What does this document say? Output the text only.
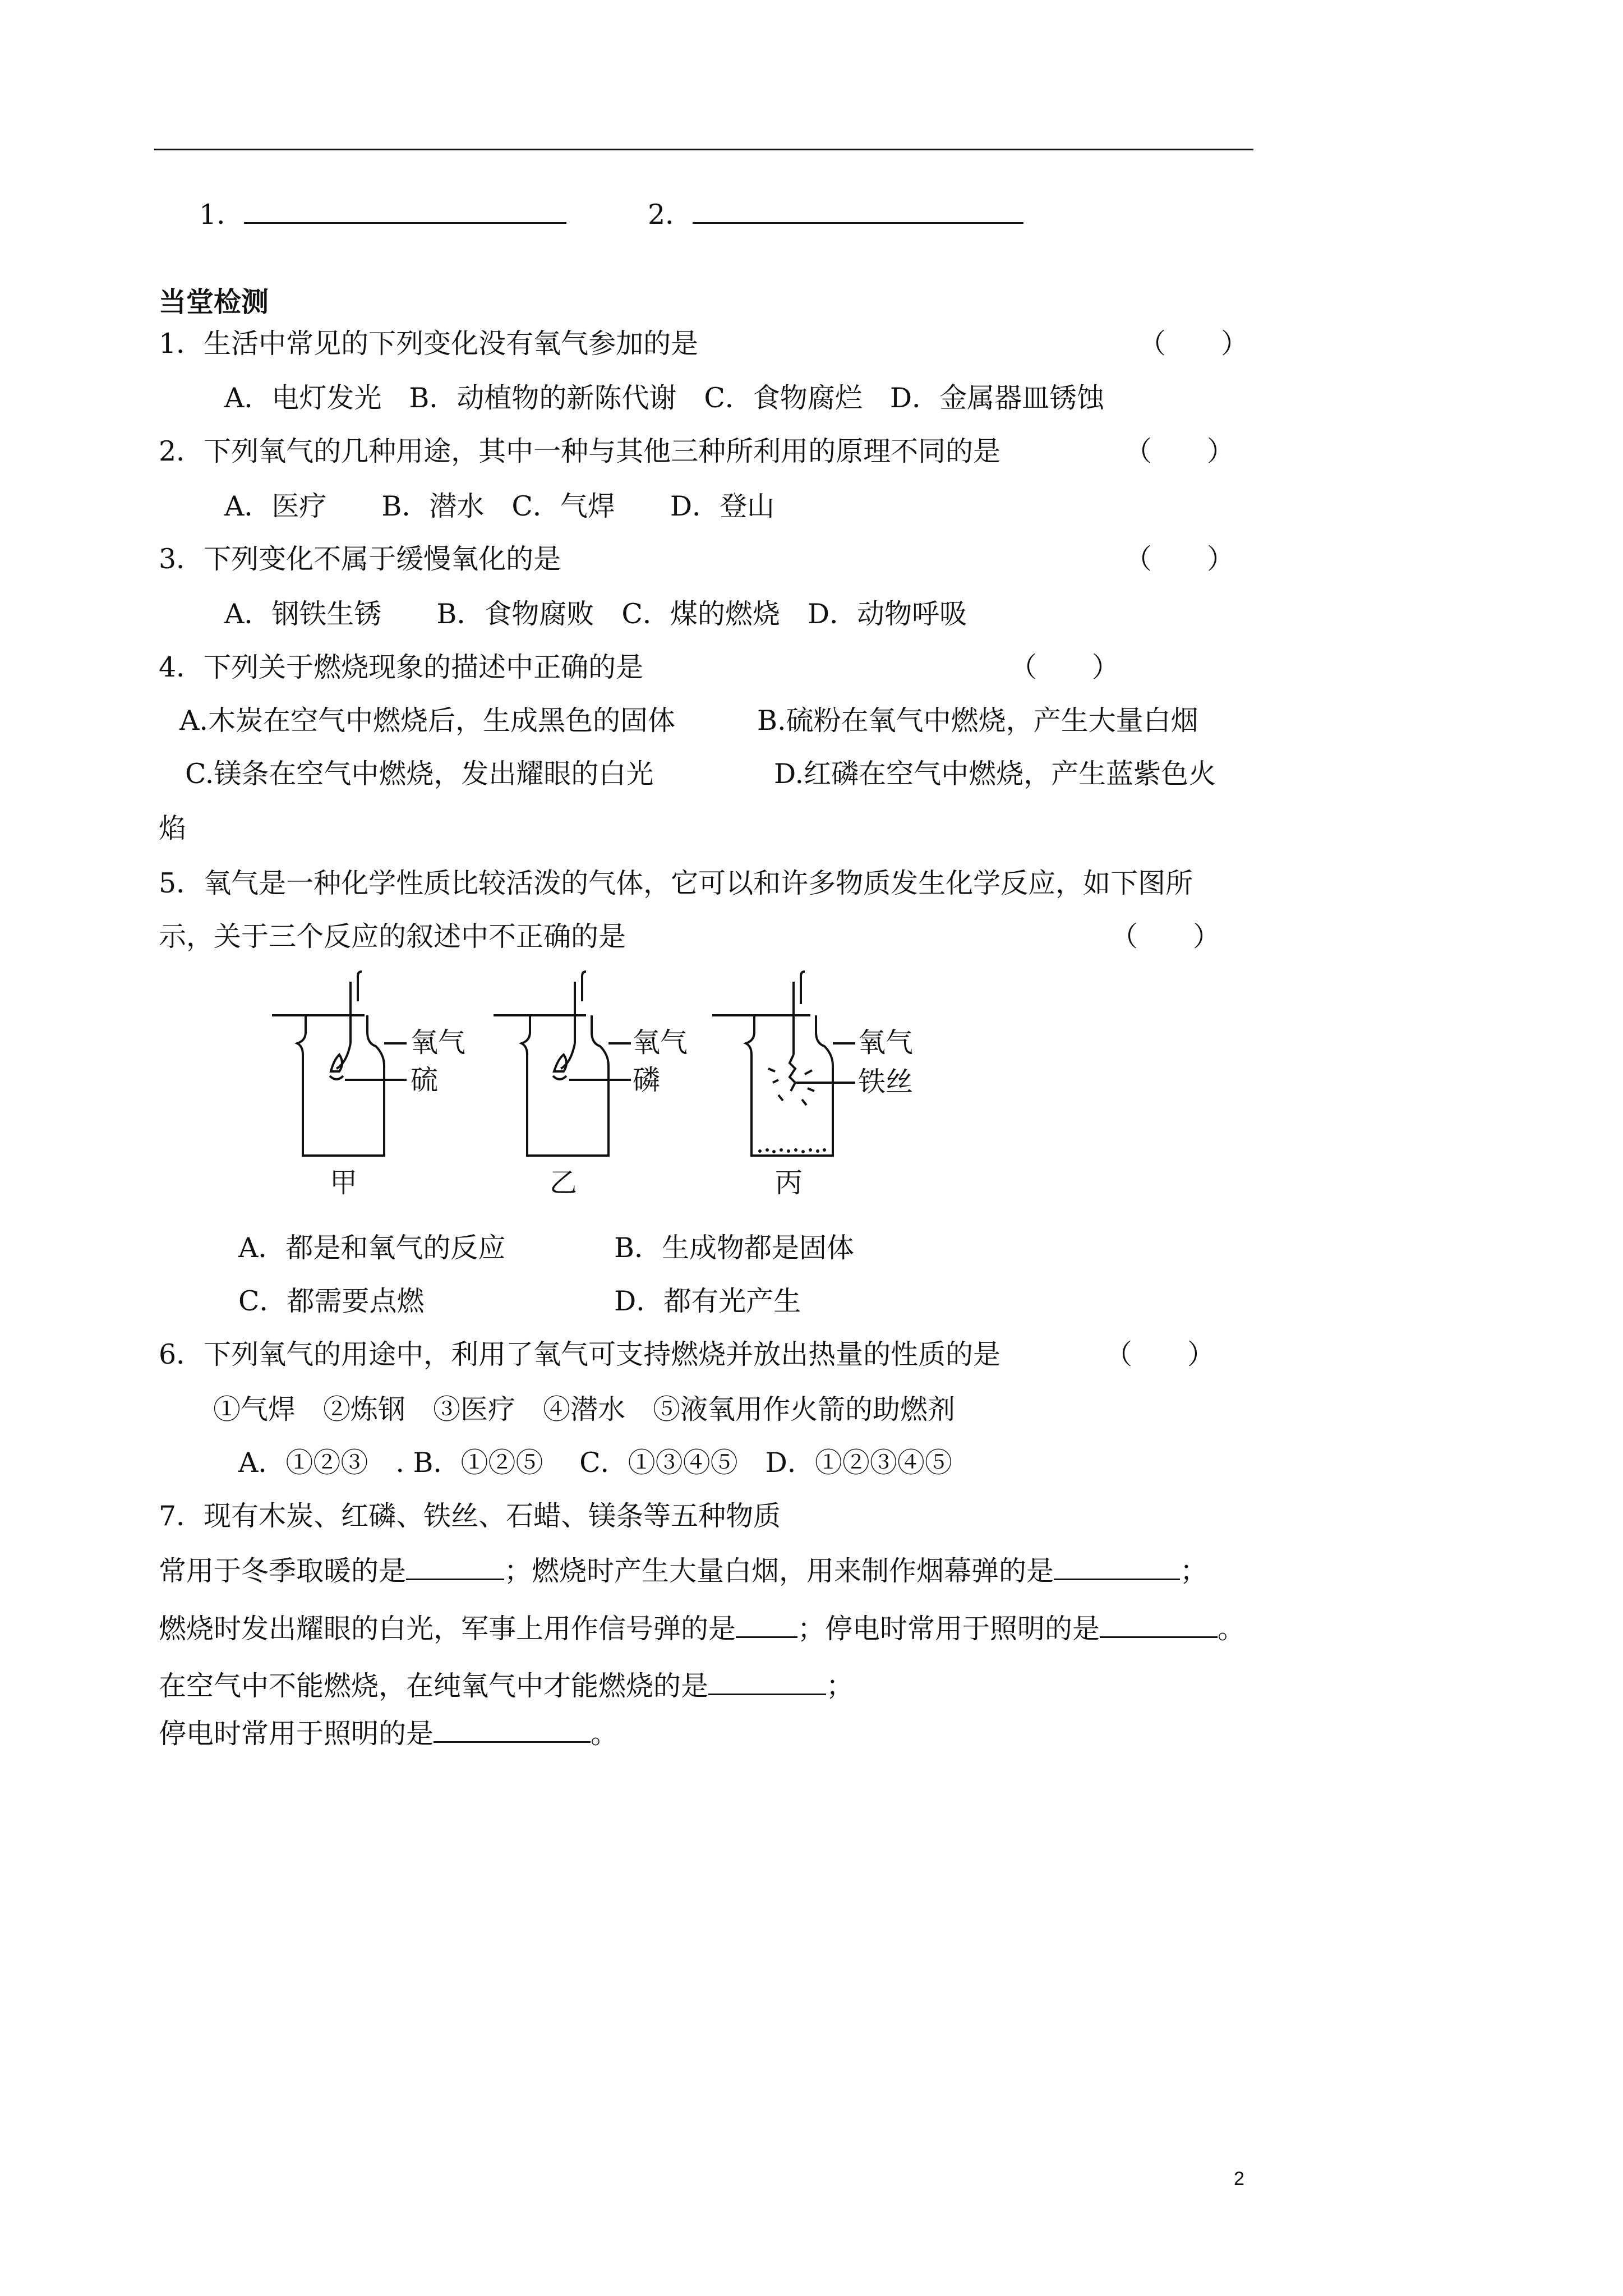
1．	2．
当堂检测
1．生活中常见的下列变化没有氧气参加的是	（　　）
A．电灯发光　B．动植物的新陈代谢　C．食物腐烂　D．金属器皿锈蚀
2．下列氧气的几种用途，其中一种与其他三种所利用的原理不同的是	（　　）
A．医疗　　B．潜水　C．气焊　　D．登山
3．下列变化不属于缓慢氧化的是	（　　）
A．钢铁生锈　　B．食物腐败　C．煤的燃烧　D．动物呼吸
4．下列关于燃烧现象的描述中正确的是	（　　）
A.木炭在空气中燃烧后，生成黑色的固体	B.硫粉在氧气中燃烧，产生大量白烟
C.镁条在空气中燃烧，发出耀眼的白光	D.红磷在空气中燃烧，产生蓝紫色火
焰
5．氧气是一种化学性质比较活泼的气体，它可以和许多物质发生化学反应，如下图所
示，关于三个反应的叙述中不正确的是	（　　）
氧气
硫
甲
氧气
磷
乙
氧气
铁丝
丙
A．都是和氧气的反应	B．生成物都是固体
C．都需要点燃	D．都有光产生
6．下列氧气的用途中，利用了氧气可支持燃烧并放出热量的性质的是	（　　）
①气焊　②炼钢　③医疗　④潜水　⑤液氧用作火箭的助燃剂
A．①②③　. B．①②⑤　 C．①③④⑤　D．①②③④⑤
7．现有木炭、红磷、铁丝、石蜡、镁条等五种物质
常用于冬季取暖的是	；燃烧时产生大量白烟，用来制作烟幕弹的是	；
燃烧时发出耀眼的白光，军事上用作信号弹的是 ；停电时常用于照明的是	。
在空气中不能燃烧，在纯氧气中才能燃烧的是	；
停电时常用于照明的是	。
2
